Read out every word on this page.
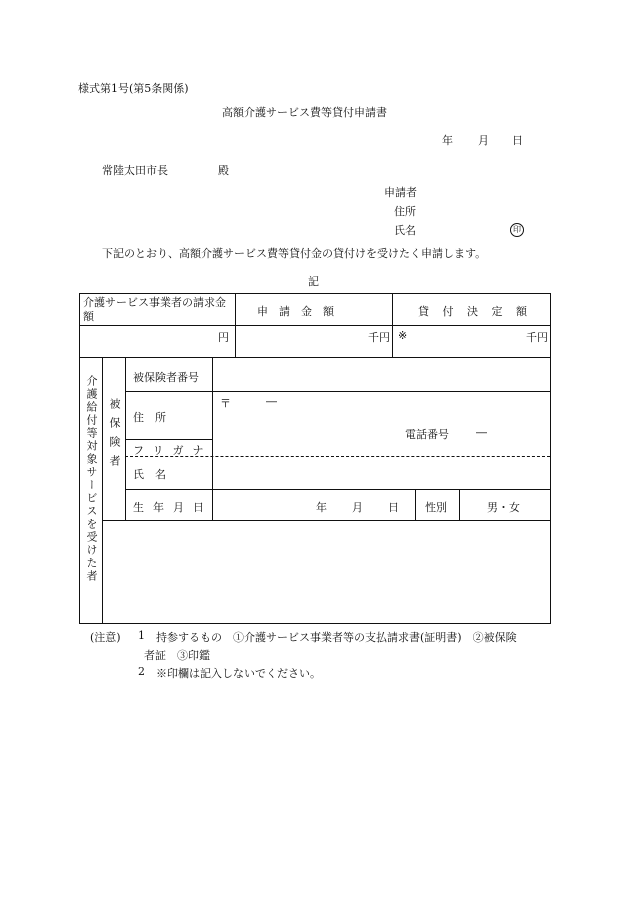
様式第1号(第5条関係)
高額介護サービス費等貸付申請書
年 月 日
常陸太田市長	殿
申請者
住所
氏名	印
下記のとおり、高額介護サービス費等貸付金の貸付けを受けたく申請します。
記
介護サービス事業者の請求金額	申　請　金　額	貸 付 決 定 額
円	千円 ※	千円
介護給付等対象サービスを受けた者 被保険者
被保険者番号
住　所
〒	―
電話番号 ―
フリガナ
氏　名
生年月日	年 月 日 性別	男・女
(注意) 1 持参するもの　①介護サービス事業者等の支払請求書(証明書)　②被保険
者証　③印鑑
2 ※印欄は記入しないでください。
